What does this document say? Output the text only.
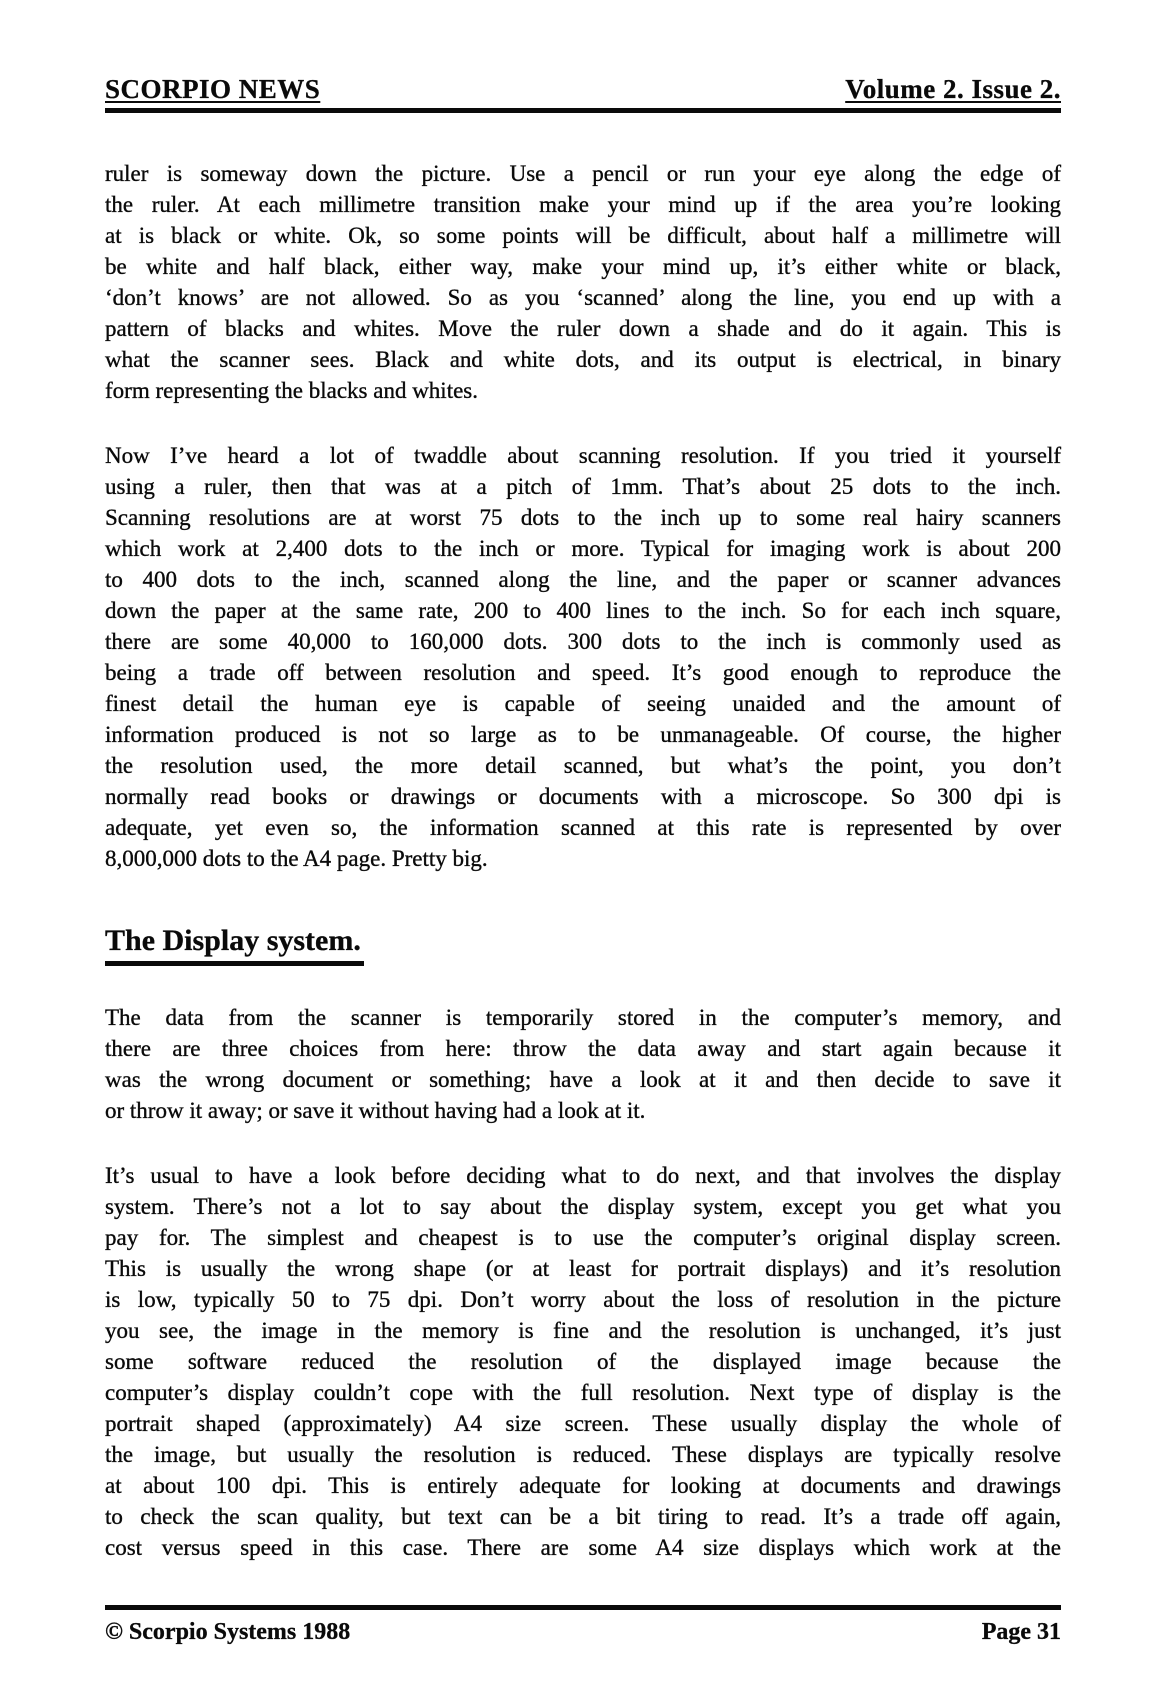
SCORPIO NEWS	Volume 2. Issue 2.
ruler is someway down the picture. Use a pencil or run your eye along the edge of
the ruler. At each millimetre transition make your mind up if the area you’re looking
at is black or white. Ok, so some points will be difficult, about half a millimetre will
be white and half black, either way, make your mind up, it’s either white or black,
‘don’t knows’ are not allowed. So as you ‘scanned’ along the line, you end up with a
pattern of blacks and whites. Move the ruler down a shade and do it again. This is
what the scanner sees. Black and white dots, and its output is electrical, in binary
form representing the blacks and whites.
Now I’ve heard a lot of twaddle about scanning resolution. If you tried it yourself
using a ruler, then that was at a pitch of 1mm. That’s about 25 dots to the inch.
Scanning resolutions are at worst 75 dots to the inch up to some real hairy scanners
which work at 2,400 dots to the inch or more. Typical for imaging work is about 200
to 400 dots to the inch, scanned along the line, and the paper or scanner advances
down the paper at the same rate, 200 to 400 lines to the inch. So for each inch square,
there are some 40,000 to 160,000 dots. 300 dots to the inch is commonly used as
being a trade off between resolution and speed. It’s good enough to reproduce the
finest detail the human eye is capable of seeing unaided and the amount of
information produced is not so large as to be unmanageable. Of course, the higher
the resolution used, the more detail scanned, but what’s the point, you don’t
normally read books or drawings or documents with a microscope. So 300 dpi is
adequate, yet even so, the information scanned at this rate is represented by over
8,000,000 dots to the A4 page. Pretty big.
The Display system.
The data from the scanner is temporarily stored in the computer’s memory, and
there are three choices from here: throw the data away and start again because it
was the wrong document or something; have a look at it and then decide to save it
or throw it away; or save it without having had a look at it.
It’s usual to have a look before deciding what to do next, and that involves the display
system. There’s not a lot to say about the display system, except you get what you
pay for. The simplest and cheapest is to use the computer’s original display screen.
This is usually the wrong shape (or at least for portrait displays) and it’s resolution
is low, typically 50 to 75 dpi. Don’t worry about the loss of resolution in the picture
you see, the image in the memory is fine and the resolution is unchanged, it’s just
some software reduced the resolution of the displayed image because the
computer’s display couldn’t cope with the full resolution. Next type of display is the
portrait shaped (approximately) A4 size screen. These usually display the whole of
the image, but usually the resolution is reduced. These displays are typically resolve
at about 100 dpi. This is entirely adequate for looking at documents and drawings
to check the scan quality, but text can be a bit tiring to read. It’s a trade off again,
cost versus speed in this case. There are some A4 size displays which work at the
© Scorpio Systems 1988	Page 31
